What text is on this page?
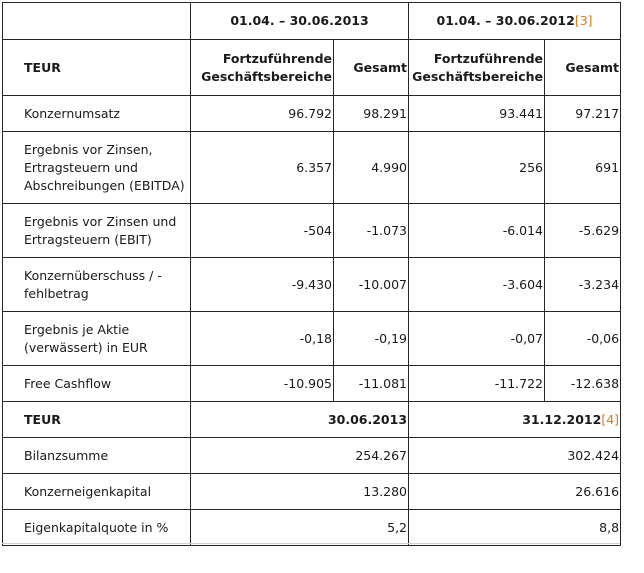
	01.04. – 30.06.2013		01.04. – 30.06.2012[3]	
TEUR	Fortzuführende Geschäftsbereiche	Gesamt	Fortzuführende Geschäftsbereiche	Gesamt
Konzernumsatz	96.792	98.291	93.441	97.217
Ergebnis vor Zinsen, Ertragsteuern und Abschreibungen (EBITDA)	6.357	4.990	256	691
Ergebnis vor Zinsen und Ertragsteuern (EBIT)	-504	-1.073	-6.014	-5.629
Konzernüberschuss / -fehlbetrag	-9.430	-10.007	-3.604	-3.234
Ergebnis je Aktie (verwässert) in EUR	-0,18	-0,19	-0,07	-0,06
Free Cashflow	-10.905	-11.081	-11.722	-12.638
TEUR	30.06.2013		31.12.2012[4]	
Bilanzsumme	254.267		302.424	
Konzerneigenkapital	13.280		26.616	
Eigenkapitalquote in %	5,2		8,8	
